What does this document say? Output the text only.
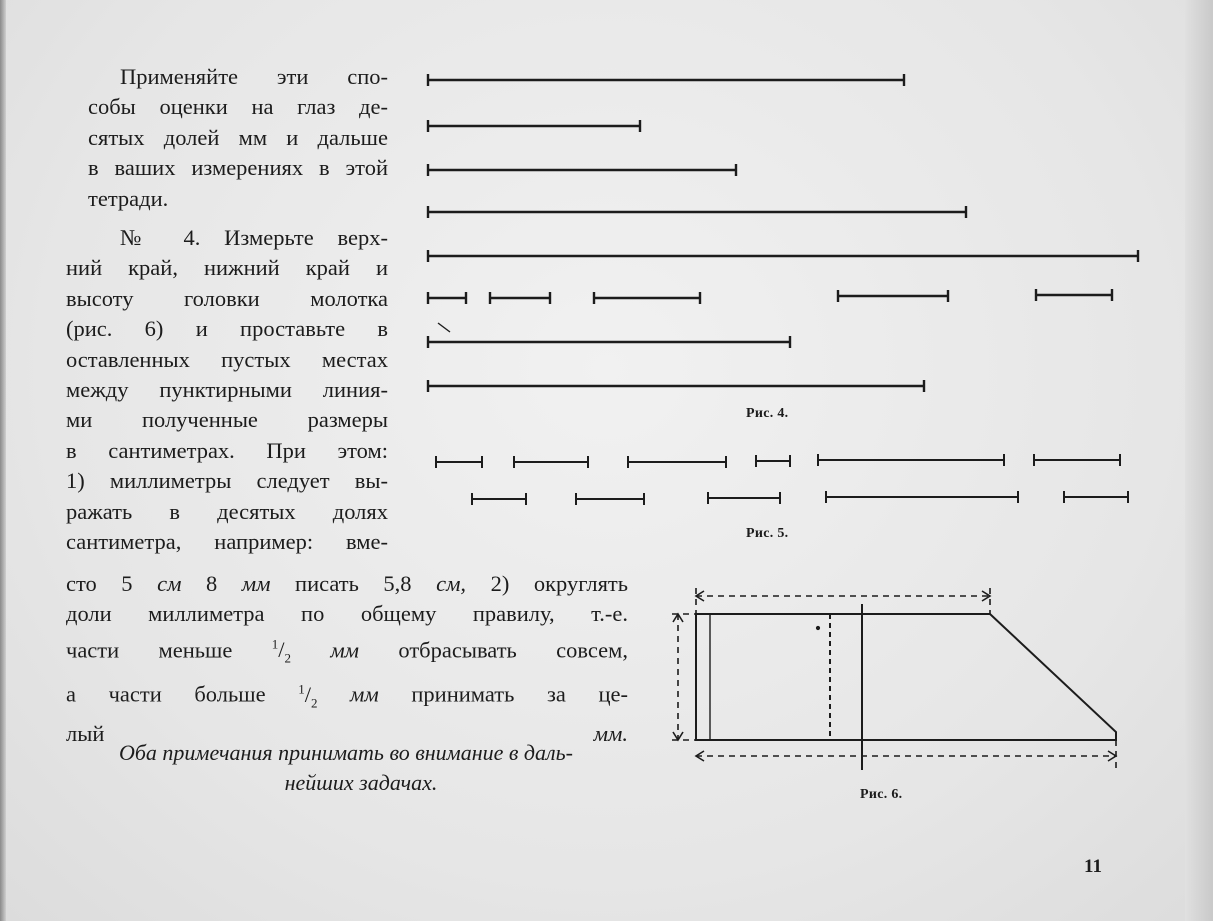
Применяйте эти спо-
собы оценки на глаз де-
сятых долей мм и дальше
в ваших измерениях в этой
тетради.
№ 4. Измерьте верх-
ний край, нижний край и
высоту головки молотка
(рис. 6) и проставьте в
оставленных пустых местах
между пунктирными линия-
ми полученные размеры
в сантиметрах. При этом:
1) миллиметры следует вы-
ражать в десятых долях
сантиметра, например: вме-
сто 5 см 8 мм писать 5,8 см, 2) округлять
доли миллиметра по общему правилу, т.-е.
части меньше $^1/_2$ мм отбрасывать совсем,
а части больше $^1/_2$ мм принимать за це-
лый мм.
Оба примечания принимать во внимание в даль-
нейших задачах.
Рис. 4.
Рис. 5.
Рис. 6.
11
